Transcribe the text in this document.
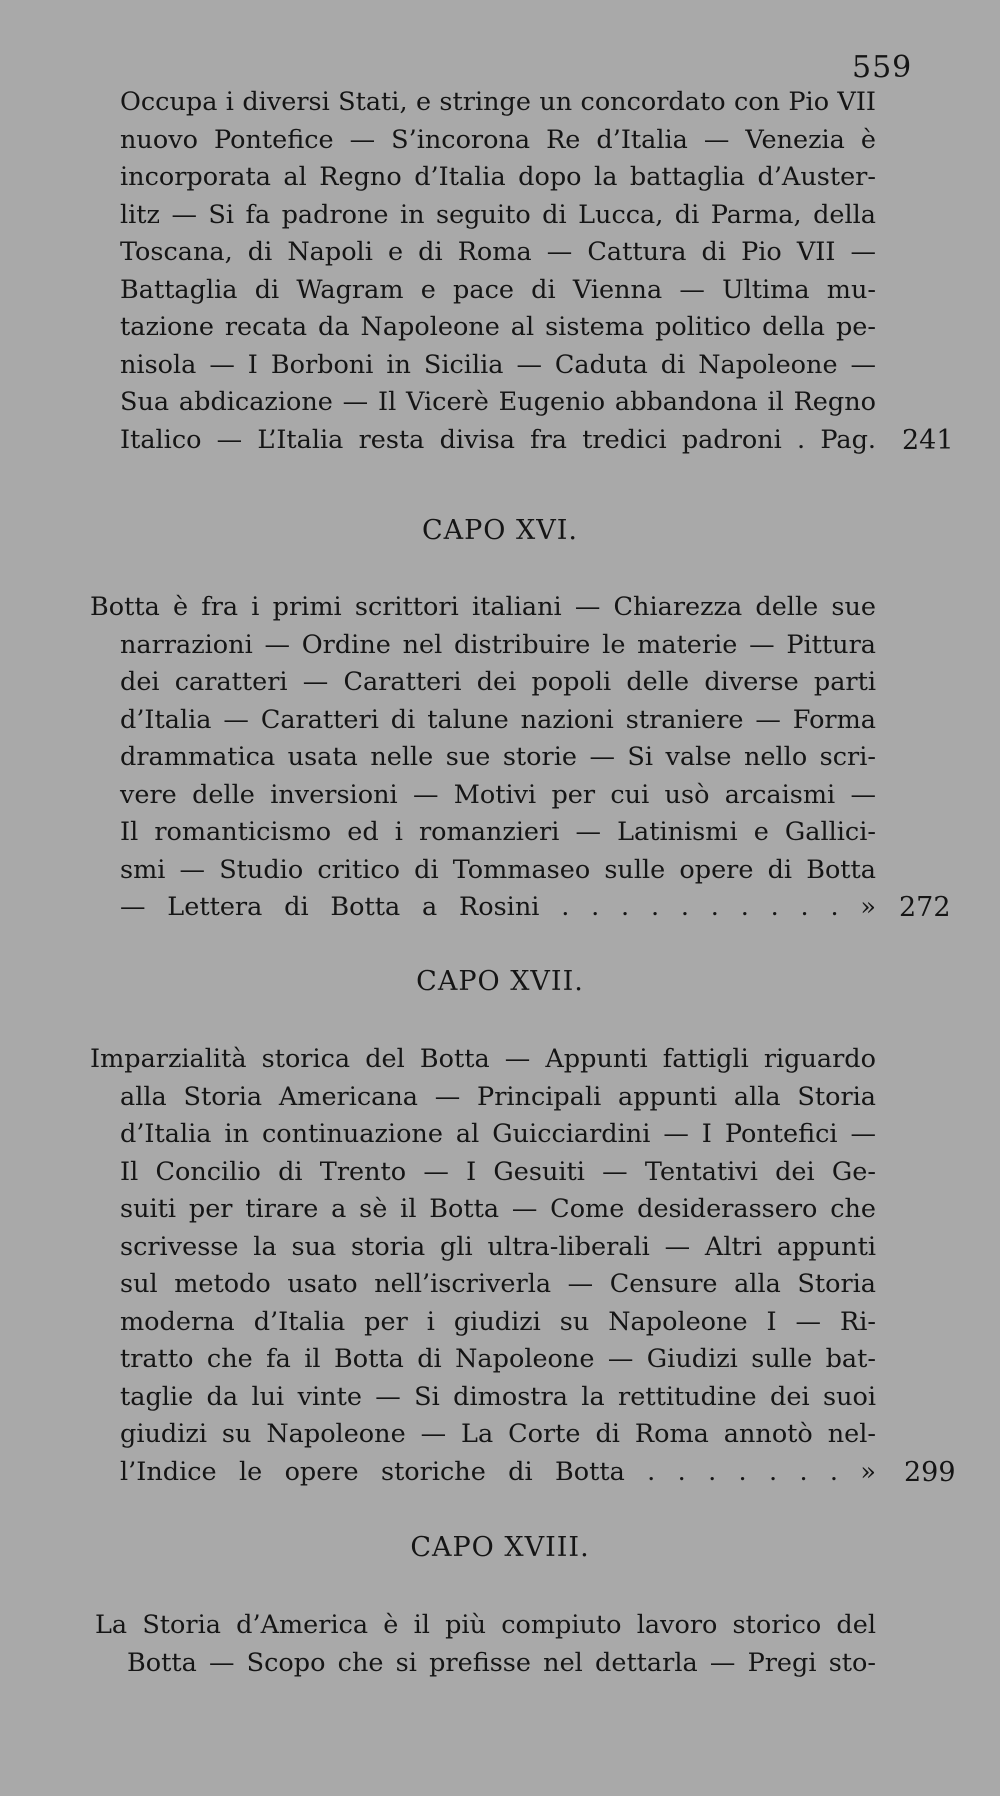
559
Occupa i diversi Stati, e stringe un concordato con Pio VII
nuovo Pontefice — S’incorona Re d’Italia — Venezia è
incorporata al Regno d’Italia dopo la battaglia d’Auster-
litz — Si fa padrone in seguito di Lucca, di Parma, della
Toscana, di Napoli e di Roma — Cattura di Pio VII —
Battaglia di Wagram e pace di Vienna — Ultima mu-
tazione recata da Napoleone al sistema politico della pe-
nisola — I Borboni in Sicilia — Caduta di Napoleone —
Sua abdicazione — Il Vicerè Eugenio abbandona il Regno
Italico — L’Italia resta divisa fra tredici padroni . Pag. 241
CAPO XVI.
Botta è fra i primi scrittori italiani — Chiarezza delle sue
narrazioni — Ordine nel distribuire le materie — Pittura
dei caratteri — Caratteri dei popoli delle diverse parti
d’Italia — Caratteri di talune nazioni straniere — Forma
drammatica usata nelle sue storie — Si valse nello scri-
vere delle inversioni — Motivi per cui usò arcaismi —
Il romanticismo ed i romanzieri — Latinismi e Gallici-
smi — Studio critico di Tommaseo sulle opere di Botta
— Lettera di Botta a Rosini . . . . . . . . . . » 272
CAPO XVII.
Imparzialità storica del Botta — Appunti fattigli riguardo
alla Storia Americana — Principali appunti alla Storia
d’Italia in continuazione al Guicciardini — I Pontefici —
Il Concilio di Trento — I Gesuiti — Tentativi dei Ge-
suiti per tirare a sè il Botta — Come desiderassero che
scrivesse la sua storia gli ultra-liberali — Altri appunti
sul metodo usato nell’iscriverla — Censure alla Storia
moderna d’Italia per i giudizi su Napoleone I — Ri-
tratto che fa il Botta di Napoleone — Giudizi sulle bat-
taglie da lui vinte — Si dimostra la rettitudine dei suoi
giudizi su Napoleone — La Corte di Roma annotò nel-
l’Indice le opere storiche di Botta . . . . . . . » 299
CAPO XVIII.
La Storia d’America è il più compiuto lavoro storico del
Botta — Scopo che si prefisse nel dettarla — Pregi sto-
